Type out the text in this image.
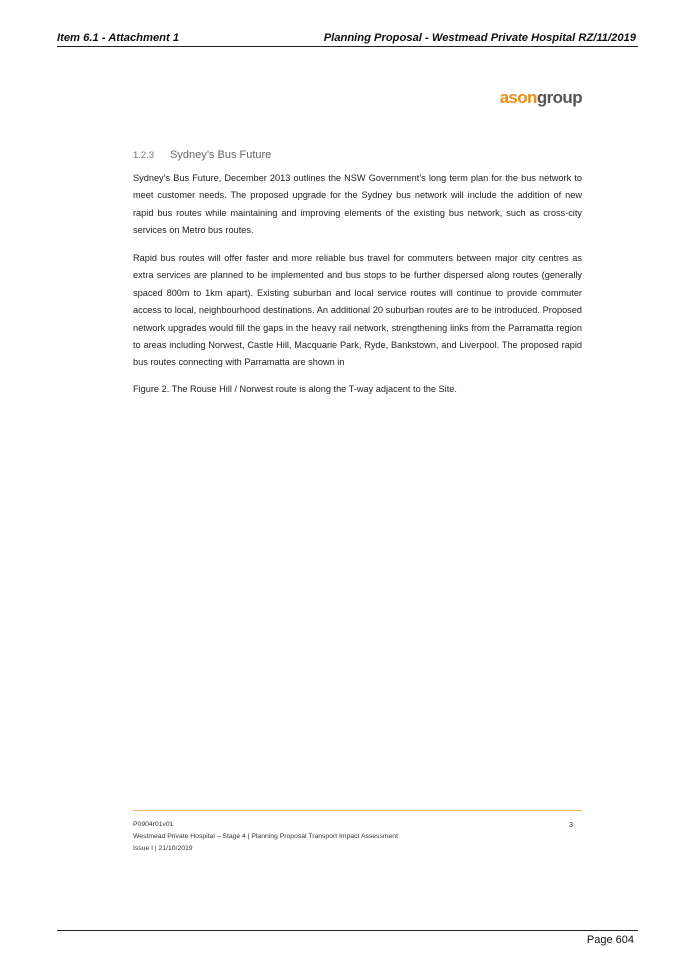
Item 6.1 - Attachment 1	Planning Proposal - Westmead Private Hospital RZ/11/2019
asongroup
1.2.3 Sydney’s Bus Future

Sydney’s Bus Future, December 2013 outlines the NSW Government’s long term plan for the bus network to meet customer needs. The proposed upgrade for the Sydney bus network will include the addition of new rapid bus routes while maintaining and improving elements of the existing bus network, such as cross-city services on Metro bus routes.

Rapid bus routes will offer faster and more reliable bus travel for commuters between major city centres as extra services are planned to be implemented and bus stops to be further dispersed along routes (generally spaced 800m to 1km apart). Existing suburban and local service routes will continue to provide commuter access to local, neighbourhood destinations. An additional 20 suburban routes are to be introduced. Proposed network upgrades would fill the gaps in the heavy rail network, strengthening links from the Parramatta region to areas including Norwest, Castle Hill, Macquarie Park, Ryde, Bankstown, and Liverpool. The proposed rapid bus routes connecting with Parramatta are shown in

Figure 2. The Rouse Hill / Norwest route is along the T-way adjacent to the Site.

P0904r01v01
Westmead Private Hospital – Stage 4 | Planning Proposal Transport Impact Assessment
Issue I | 21/10/2019
3
Page 604
